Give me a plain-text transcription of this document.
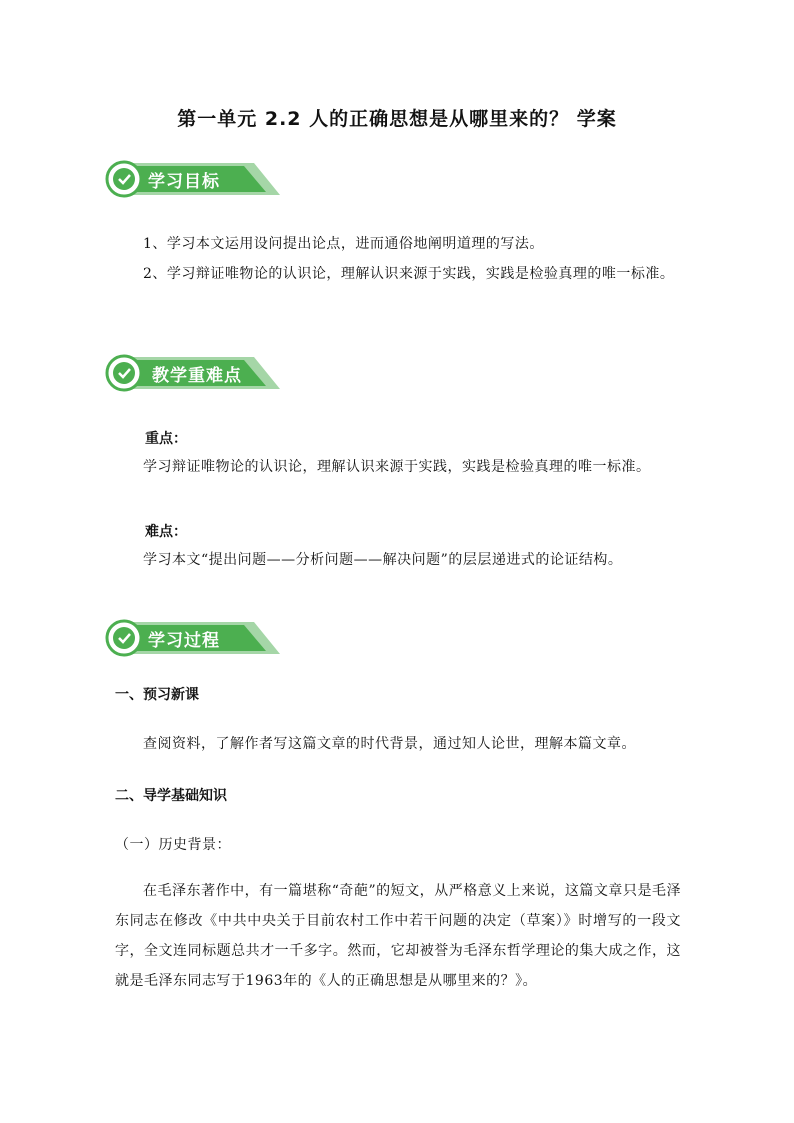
第一单元 2.2 人的正确思想是从哪里来的？ 学案
学习目标
1、学习本文运用设问提出论点，进而通俗地阐明道理的写法。
2、学习辩证唯物论的认识论，理解认识来源于实践，实践是检验真理的唯一标准。
教学重难点
重点：
学习辩证唯物论的认识论，理解认识来源于实践，实践是检验真理的唯一标准。
难点：
学习本文“提出问题——分析问题——解决问题”的层层递进式的论证结构。
学习过程
一、预习新课
查阅资料，了解作者写这篇文章的时代背景，通过知人论世，理解本篇文章。
二、导学基础知识
（一）历史背景：
在毛泽东著作中，有一篇堪称“奇葩”的短文，从严格意义上来说，这篇文章只是毛泽东同志在修改《中共中央关于目前农村工作中若干问题的决定（草案）》时增写的一段文字，全文连同标题总共才一千多字。然而，它却被誉为毛泽东哲学理论的集大成之作，这就是毛泽东同志写于1963年的《人的正确思想是从哪里来的？》。
